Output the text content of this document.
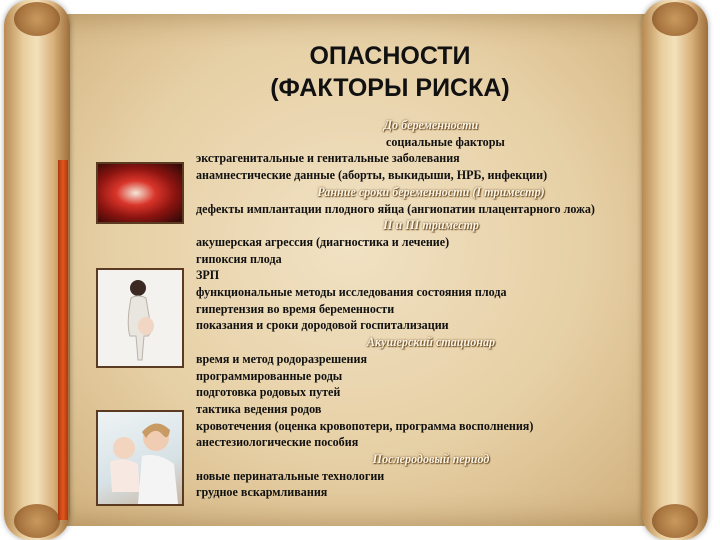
ОПАСНОСТИ
(ФАКТОРЫ РИСКА)
До беременности
социальные факторы
экстрагенитальные и генитальные заболевания
анамнестические данные (аборты, выкидыши, НРБ, инфекции)
Ранние сроки беременности (I триместр)
дефекты имплантации плодного яйца (ангиопатии плацентарного ложа)
II и III триместр
акушерская агрессия (диагностика и лечение)
гипоксия плода
ЗРП
функциональные методы исследования состояния плода
гипертензия во время беременности
показания и сроки дородовой госпитализации
Акушерский стационар
время и метод родоразрешения
программированные роды
подготовка родовых путей
тактика ведения родов
кровотечения (оценка кровопотери, программа восполнения)
анестезиологические пособия
Послеродовый период
новые перинатальные технологии
грудное вскармливания
